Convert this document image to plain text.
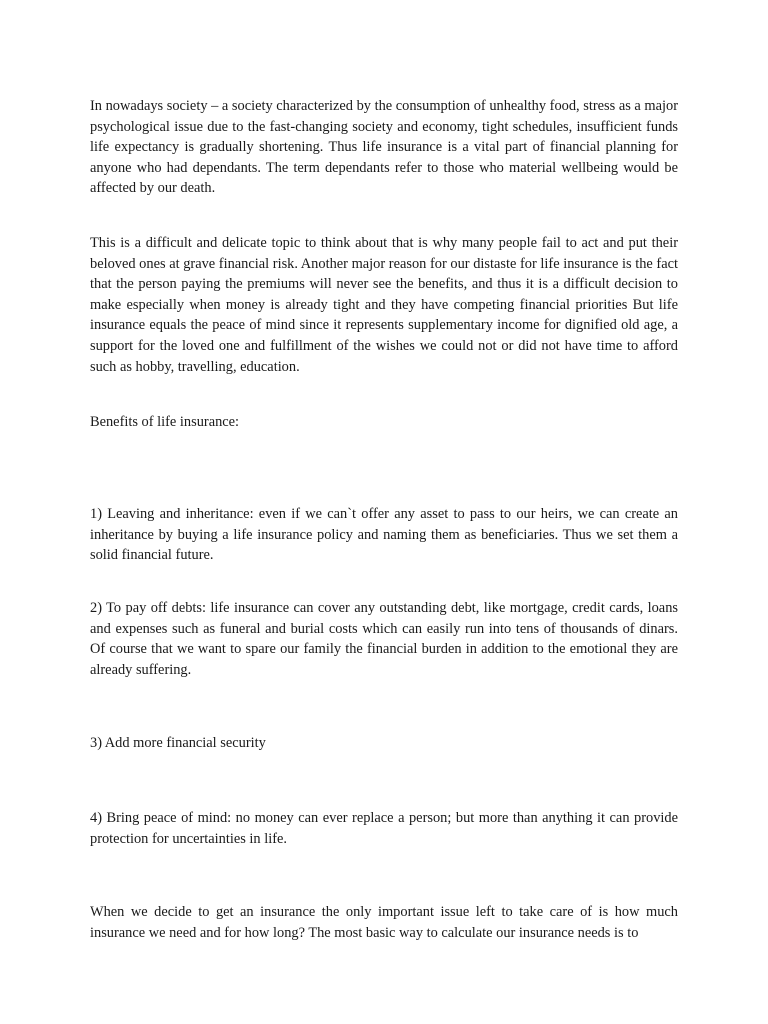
In nowadays society – a society characterized by the consumption of unhealthy food, stress as a major psychological issue due to the fast-changing society and economy, tight schedules, insufficient funds life expectancy is gradually shortening. Thus life insurance is a vital part of financial planning for anyone who had dependants. The term dependants refer to those who material wellbeing would be affected by our death.

This is a difficult and delicate topic to think about that is why many people fail to act and put their beloved ones at grave financial risk. Another major reason for our distaste for life insurance is the fact that the person paying the premiums will never see the benefits, and thus it is a difficult decision to make especially when money is already tight and they have competing financial priorities But life insurance equals the peace of mind since it represents supplementary income for dignified old age, a support for the loved one and fulfillment of the wishes we could not or did not have time to afford such as hobby, travelling, education.

Benefits of life insurance:

1) Leaving and inheritance: even if we can`t offer any asset to pass to our heirs, we can create an inheritance by buying a life insurance policy and naming them as beneficiaries. Thus we set them a solid financial future.

2) To pay off debts: life insurance can cover any outstanding debt, like mortgage, credit cards, loans and expenses such as funeral and burial costs which can easily run into tens of thousands of dinars. Of course that we want to spare our family the financial burden in addition to the emotional they are already suffering.

3) Add more financial security

4) Bring peace of mind: no money can ever replace a person; but more than anything it can provide protection for uncertainties in life.

When we decide to get an insurance the only important issue left to take care of is how much insurance we need and for how long? The most basic way to calculate our insurance needs is to
